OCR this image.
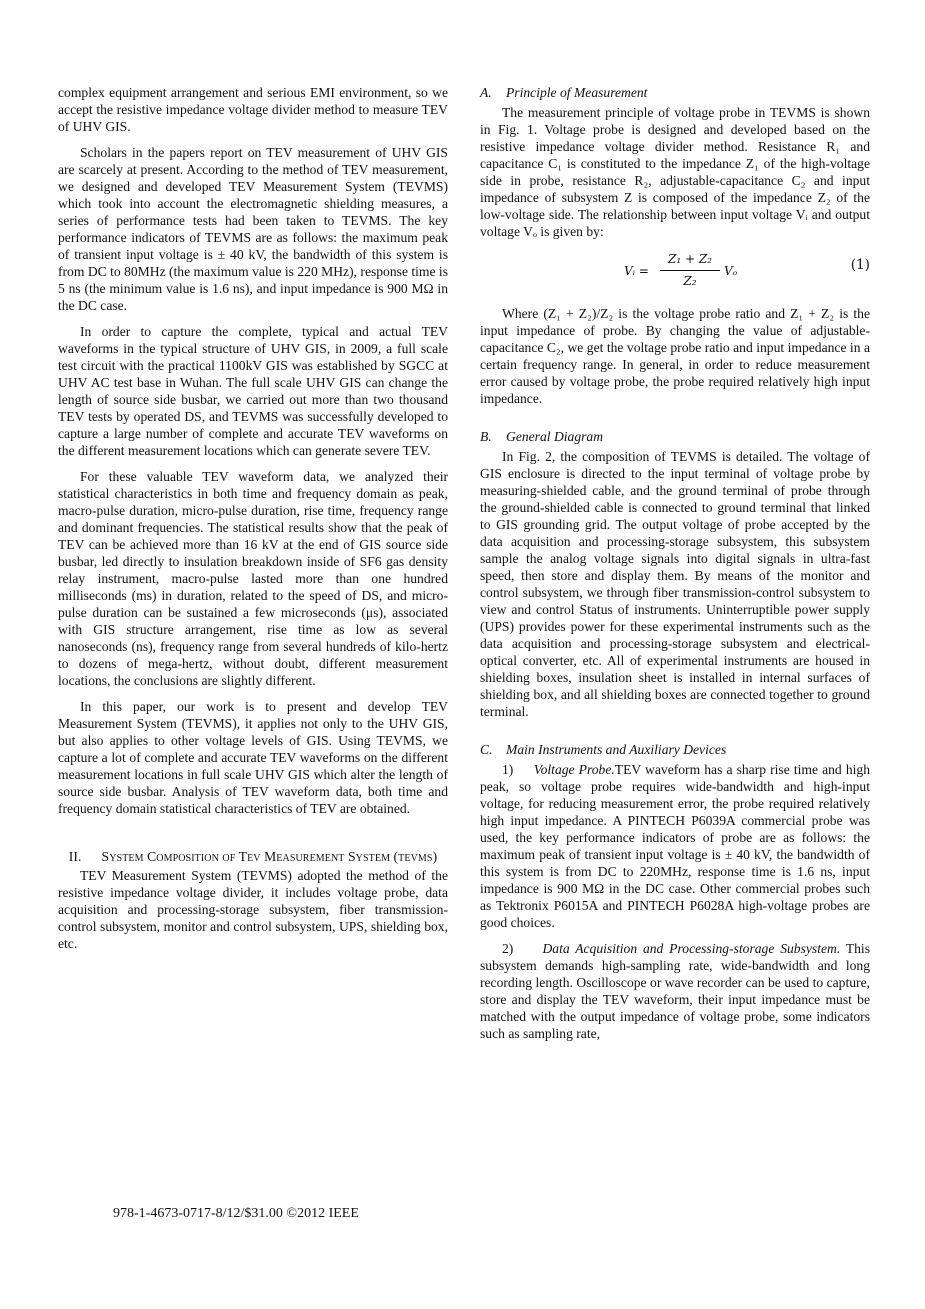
complex equipment arrangement and serious EMI environment, so we accept the resistive impedance voltage divider method to measure TEV of UHV GIS.

Scholars in the papers report on TEV measurement of UHV GIS are scarcely at present. According to the method of TEV measurement, we designed and developed TEV Measurement System (TEVMS) which took into account the electromagnetic shielding measures, a series of performance tests had been taken to TEVMS. The key performance indicators of TEVMS are as follows: the maximum peak of transient input voltage is ± 40 kV, the bandwidth of this system is from DC to 80MHz (the maximum value is 220 MHz), response time is 5 ns (the minimum value is 1.6 ns), and input impedance is 900 MΩ in the DC case.

In order to capture the complete, typical and actual TEV waveforms in the typical structure of UHV GIS, in 2009, a full scale test circuit with the practical 1100kV GIS was established by SGCC at UHV AC test base in Wuhan. The full scale UHV GIS can change the length of source side busbar, we carried out more than two thousand TEV tests by operated DS, and TEVMS was successfully developed to capture a large number of complete and accurate TEV waveforms on the different measurement locations which can generate severe TEV.

For these valuable TEV waveform data, we analyzed their statistical characteristics in both time and frequency domain as peak, macro-pulse duration, micro-pulse duration, rise time, frequency range and dominant frequencies. The statistical results show that the peak of TEV can be achieved more than 16 kV at the end of GIS source side busbar, led directly to insulation breakdown inside of SF6 gas density relay instrument, macro-pulse lasted more than one hundred milliseconds (ms) in duration, related to the speed of DS, and micro-pulse duration can be sustained a few microseconds (μs), associated with GIS structure arrangement, rise time as low as several nanoseconds (ns), frequency range from several hundreds of kilo-hertz to dozens of mega-hertz, without doubt, different measurement locations, the conclusions are slightly different.

In this paper, our work is to present and develop TEV Measurement System (TEVMS), it applies not only to the UHV GIS, but also applies to other voltage levels of GIS. Using TEVMS, we capture a lot of complete and accurate TEV waveforms on the different measurement locations in full scale UHV GIS which alter the length of source side busbar. Analysis of TEV waveform data, both time and frequency domain statistical characteristics of TEV are obtained.

II. System Composition of Tev Measurement System (tevms)

TEV Measurement System (TEVMS) adopted the method of the resistive impedance voltage divider, it includes voltage probe, data acquisition and processing-storage subsystem, fiber transmission-control subsystem, monitor and control subsystem, UPS, shielding box, etc.

A. Principle of Measurement

The measurement principle of voltage probe in TEVMS is shown in Fig. 1. Voltage probe is designed and developed based on the resistive impedance voltage divider method. Resistance R₁ and capacitance C₁ is constituted to the impedance Z₁ of the high-voltage side in probe, resistance R₂, adjustable-capacitance C₂ and input impedance of subsystem Z is composed of the impedance Z₂ of the low-voltage side. The relationship between input voltage Vᵢ and output voltage Vₒ is given by:

Vᵢ = $\frac{\text{Z₁ + Z₂}}{\text{Z₂}}$ Vₒ	(1)

Where (Z₁ + Z₂)/Z₂ is the voltage probe ratio and Z₁ + Z₂ is the input impedance of probe. By changing the value of adjustable-capacitance C₂, we get the voltage probe ratio and input impedance in a certain frequency range. In general, in order to reduce measurement error caused by voltage probe, the probe required relatively high input impedance.

B. General Diagram

In Fig. 2, the composition of TEVMS is detailed. The voltage of GIS enclosure is directed to the input terminal of voltage probe by measuring-shielded cable, and the ground terminal of probe through the ground-shielded cable is connected to ground terminal that linked to GIS grounding grid. The output voltage of probe accepted by the data acquisition and processing-storage subsystem, this subsystem sample the analog voltage signals into digital signals in ultra-fast speed, then store and display them. By means of the monitor and control subsystem, we through fiber transmission-control subsystem to view and control Status of instruments. Uninterruptible power supply (UPS) provides power for these experimental instruments such as the data acquisition and processing-storage subsystem and electrical-optical converter, etc. All of experimental instruments are housed in shielding boxes, insulation sheet is installed in internal surfaces of shielding box, and all shielding boxes are connected together to ground terminal.

C. Main Instruments and Auxiliary Devices

1) Voltage Probe.TEV waveform has a sharp rise time and high peak, so voltage probe requires wide-bandwidth and high-input voltage, for reducing measurement error, the probe required relatively high input impedance. A PINTECH P6039A commercial probe was used, the key performance indicators of probe are as follows: the maximum peak of transient input voltage is ± 40 kV, the bandwidth of this system is from DC to 220MHz, response time is 1.6 ns, input impedance is 900 MΩ in the DC case. Other commercial probes such as Tektronix P6015A and PINTECH P6028A high-voltage probes are good choices.

2) Data Acquisition and Processing-storage Subsystem. This subsystem demands high-sampling rate, wide-bandwidth and long recording length. Oscilloscope or wave recorder can be used to capture, store and display the TEV waveform, their input impedance must be matched with the output impedance of voltage probe, some indicators such as sampling rate,

978-1-4673-0717-8/12/$31.00 ©2012 IEEE
